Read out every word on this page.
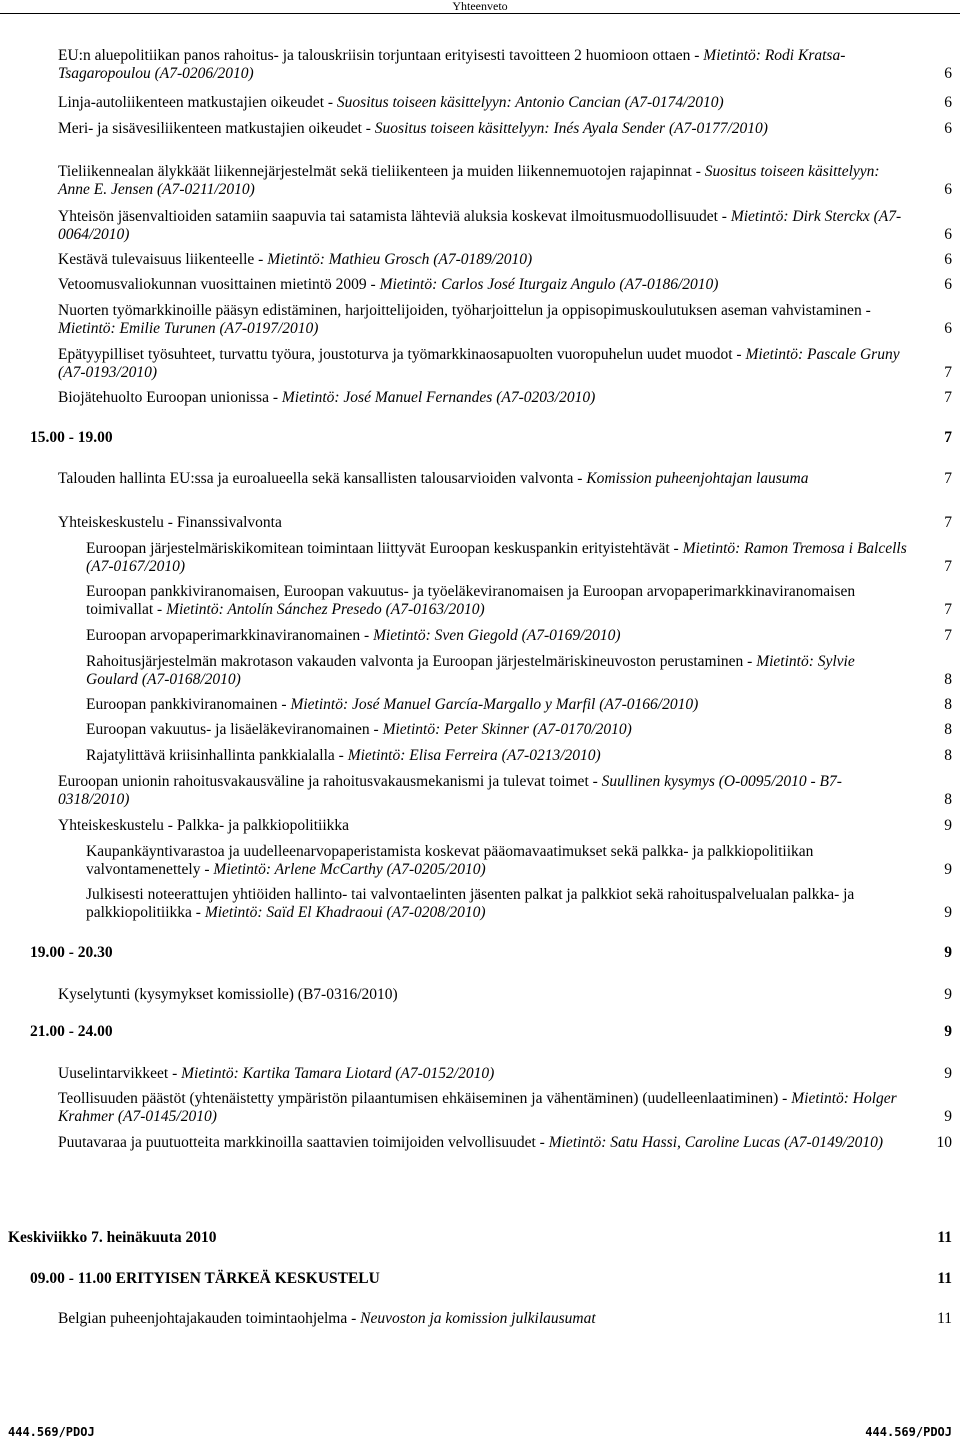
Yhteenveto
EU:n aluepolitiikan panos rahoitus- ja talouskriisin torjuntaan erityisesti tavoitteen 2 huomioon ottaen - Mietintö: Rodi Kratsa-Tsagaropoulou (A7-0206/2010)	6
Linja-autoliikenteen matkustajien oikeudet - Suositus toiseen käsittelyyn: Antonio Cancian (A7-0174/2010)	6
Meri- ja sisävesiliikenteen matkustajien oikeudet - Suositus toiseen käsittelyyn: Inés Ayala Sender (A7-0177/2010)	6
Tieliikennealan älykkäät liikennejärjestelmät sekä tieliikenteen ja muiden liikennemuotojen rajapinnat - Suositus toiseen käsittelyyn: Anne E. Jensen (A7-0211/2010)	6
Yhteisön jäsenvaltioiden satamiin saapuvia tai satamista lähteviä aluksia koskevat ilmoitusmuodollisuudet - Mietintö: Dirk Sterckx (A7-0064/2010)	6
Kestävä tulevaisuus liikenteelle - Mietintö: Mathieu Grosch (A7-0189/2010)	6
Vetoomusvaliokunnan vuosittainen mietintö 2009 - Mietintö: Carlos José Iturgaiz Angulo (A7-0186/2010)	6
Nuorten työmarkkinoille pääsyn edistäminen, harjoittelijoiden, työharjoittelun ja oppisopimuskoulutuksen aseman vahvistaminen - Mietintö: Emilie Turunen (A7-0197/2010)	6
Epätyypilliset työsuhteet, turvattu työura, joustoturva ja työmarkkinaosapuolten vuoropuhelun uudet muodot - Mietintö: Pascale Gruny (A7-0193/2010)	7
Biojätehuolto Euroopan unionissa - Mietintö: José Manuel Fernandes (A7-0203/2010)	7
15.00 - 19.00	7
Talouden hallinta EU:ssa ja euroalueella sekä kansallisten talousarvioiden valvonta - Komission puheenjohtajan lausuma	7
Yhteiskeskustelu - Finanssivalvonta	7
Euroopan järjestelmäriskikomitean toimintaan liittyvät Euroopan keskuspankin erityistehtävät - Mietintö: Ramon Tremosa i Balcells (A7-0167/2010)	7
Euroopan pankkiviranomaisen, Euroopan vakuutus- ja työeläkeviranomaisen ja Euroopan arvopaperimarkkinaviranomaisen toimivallat - Mietintö: Antolín Sánchez Presedo (A7-0163/2010)	7
Euroopan arvopaperimarkkinaviranomainen - Mietintö: Sven Giegold (A7-0169/2010)	7
Rahoitusjärjestelmän makrotason vakauden valvonta ja Euroopan järjestelmäriskineuvoston perustaminen - Mietintö: Sylvie Goulard (A7-0168/2010)	8
Euroopan pankkiviranomainen - Mietintö: José Manuel García-Margallo y Marfil (A7-0166/2010)	8
Euroopan vakuutus- ja lisäeläkeviranomainen - Mietintö: Peter Skinner (A7-0170/2010)	8
Rajatylittävä kriisinhallinta pankkialalla - Mietintö: Elisa Ferreira (A7-0213/2010)	8
Euroopan unionin rahoitusvakausväline ja rahoitusvakausmekanismi ja tulevat toimet - Suullinen kysymys (O-0095/2010 - B7-0318/2010)	8
Yhteiskeskustelu - Palkka- ja palkkiopolitiikka	9
Kaupankäyntivarastoa ja uudelleenarvopaperistamista koskevat pääomavaatimukset sekä palkka- ja palkkiopolitiikan valvontamenettely - Mietintö: Arlene McCarthy (A7-0205/2010)	9
Julkisesti noteerattujen yhtiöiden hallinto- tai valvontaelinten jäsenten palkat ja palkkiot sekä rahoituspalvelualan palkka- ja palkkiopolitiikka - Mietintö: Saïd El Khadraoui (A7-0208/2010)	9
19.00 - 20.30	9
Kyselytunti (kysymykset komissiolle) (B7-0316/2010)	9
21.00 - 24.00	9
Uuselintarvikkeet - Mietintö: Kartika Tamara Liotard (A7-0152/2010)	9
Teollisuuden päästöt (yhtenäistetty ympäristön pilaantumisen ehkäiseminen ja vähentäminen) (uudelleenlaatiminen) - Mietintö: Holger Krahmer (A7-0145/2010)	9
Puutavaraa ja puutuotteita markkinoilla saattavien toimijoiden velvollisuudet - Mietintö: Satu Hassi, Caroline Lucas (A7-0149/2010)	10
Keskiviikko 7. heinäkuuta 2010	11
09.00 - 11.00 ERITYISEN TÄRKEÄ KESKUSTELU	11
Belgian puheenjohtajakauden toimintaohjelma - Neuvoston ja komission julkilausumat	11
444.569/PDOJ	444.569/PDOJ
